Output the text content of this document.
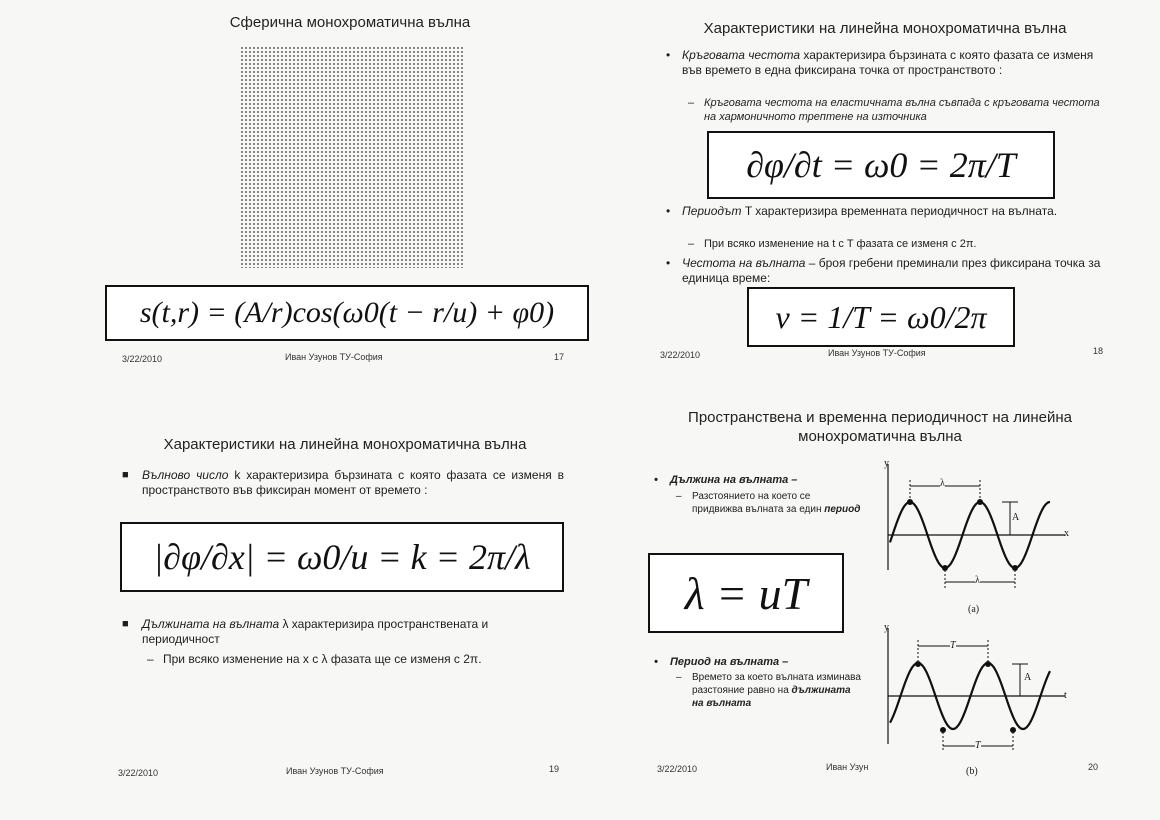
Сферична монохроматична вълна
s(t,r) = (A/r)cos(ω0(t − r/u) + φ0)
3/22/2010	Иван Узунов ТУ-София	17
Характеристики на линейна монохроматична вълна
• Кръговата честота характеризира бързината с която фазата се изменя във времето в една фиксирана точка от пространството :
– Кръговата честота на еластичната вълна съвпада с кръговата честота на хармоничното трептене на източника
∂φ/∂t = ω0 = 2π/T
• Периодът T характеризира временната периодичност на вълната.
– При всяко изменение на t с T фазата се изменя с 2π.
• Честота на вълната – броя гребени преминали през фиксирана точка за единица време:
ν = 1/T = ω0/2π
3/22/2010	Иван Узунов ТУ-София	18
Характеристики на линейна монохроматична вълна
■ Вълново число k характеризира бързината с която фазата се изменя в пространството във фиксиран момент от времето :
|∂φ/∂x| = ω0/u = k = 2π/λ
■ Дължината на вълната λ характеризира пространствената и периодичност
– При всяко изменение на x с λ фазата ще се изменя с 2π.
3/22/2010	Иван Узунов ТУ-София	19
Пространствена и временна периодичност на линейна монохроматична вълна
• Дължина на вълната –
– Разстоянието на което се придвижва вълната за един период
λ = uT
• Период на вълната –
– Времето за което вълната изминава разстояние равно на дължината на вълната
y
x
λ
λ
A
(a)
y
t
T
T
A
(b)
3/22/2010	Иван Узун	20
